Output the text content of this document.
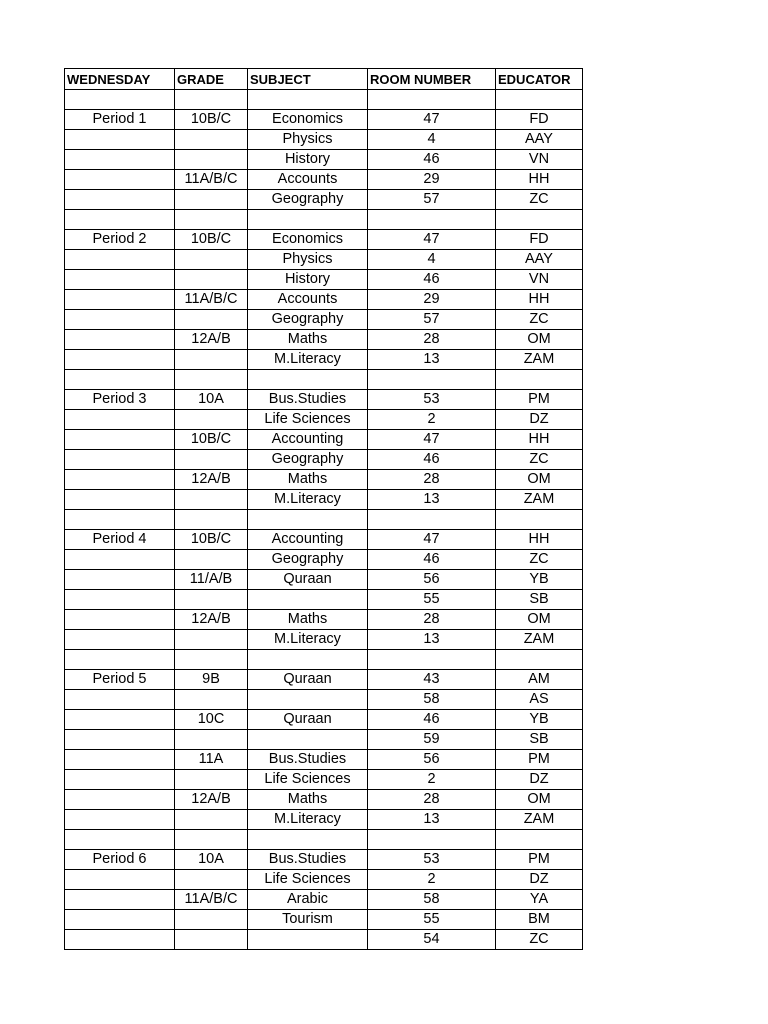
WEDNESDAY	GRADE	SUBJECT	ROOM NUMBER	EDUCATOR

Period 1	10B/C	Economics	47	FD
		Physics	4	AAY
		History	46	VN
	11A/B/C	Accounts	29	HH
		Geography	57	ZC

Period 2	10B/C	Economics	47	FD
		Physics	4	AAY
		History	46	VN
	11A/B/C	Accounts	29	HH
		Geography	57	ZC
	12A/B	Maths	28	OM
		M.Literacy	13	ZAM

Period 3	10A	Bus.Studies	53	PM
		Life Sciences	2	DZ
	10B/C	Accounting	47	HH
		Geography	46	ZC
	12A/B	Maths	28	OM
		M.Literacy	13	ZAM

Period 4	10B/C	Accounting	47	HH
		Geography	46	ZC
	11/A/B	Quraan	56	YB
			55	SB
	12A/B	Maths	28	OM
		M.Literacy	13	ZAM

Period 5	9B	Quraan	43	AM
			58	AS
	10C	Quraan	46	YB
			59	SB
	11A	Bus.Studies	56	PM
		Life Sciences	2	DZ
	12A/B	Maths	28	OM
		M.Literacy	13	ZAM

Period 6	10A	Bus.Studies	53	PM
		Life Sciences	2	DZ
	11A/B/C	Arabic	58	YA
		Tourism	55	BM
			54	ZC
